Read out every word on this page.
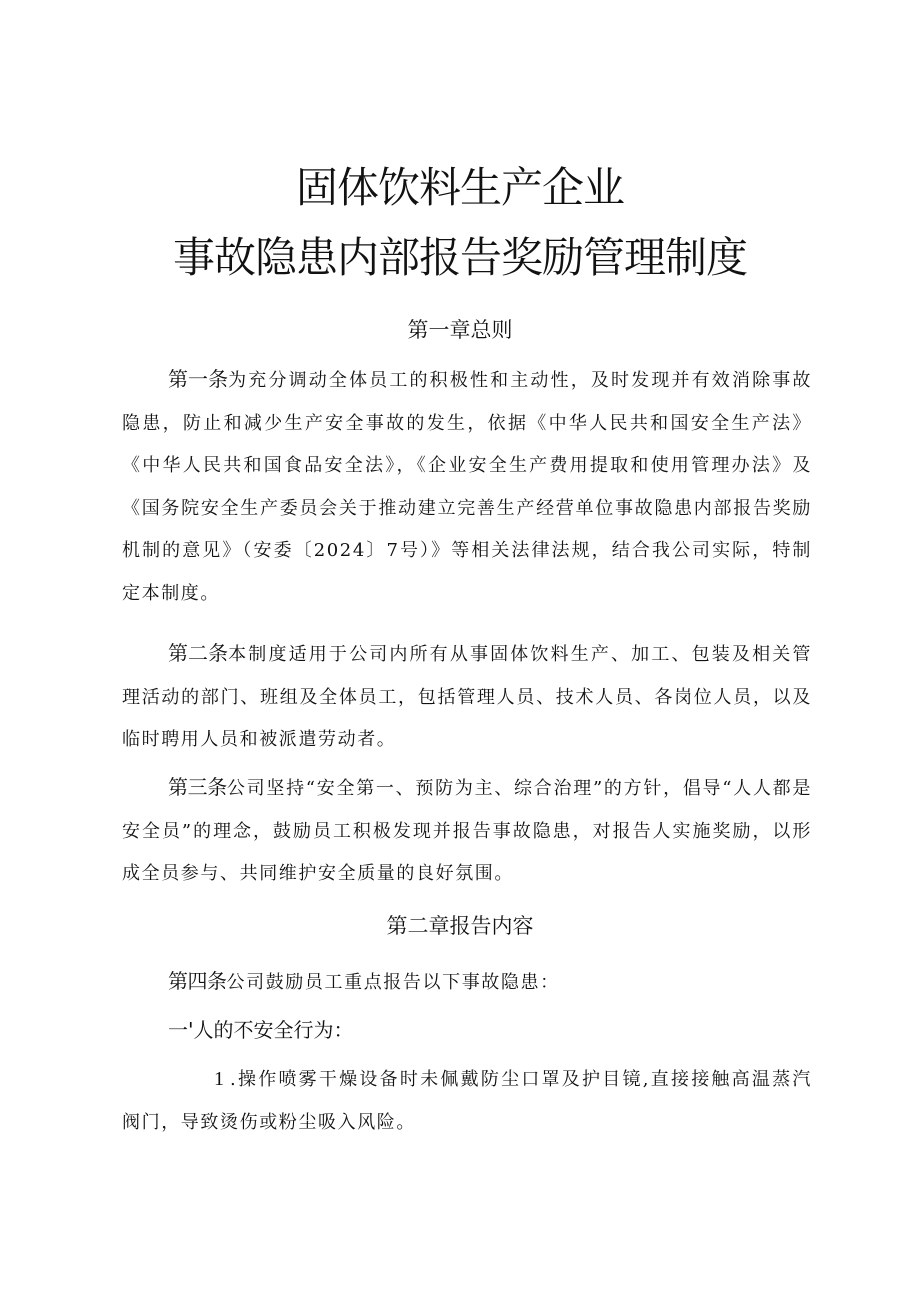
固体饮料生产企业
事故隐患内部报告奖励管理制度
第一章总则
第一条为充分调动全体员工的积极性和主动性，及时发现并有效消除事故隐患，防止和减少生产安全事故的发生，依据《中华人民共和国安全生产法》《中华人民共和国食品安全法》，《企业安全生产费用提取和使用管理办法》及《国务院安全生产委员会关于推动建立完善生产经营单位事故隐患内部报告奖励机制的意见》（安委〔2024〕7号）》等相关法律法规，结合我公司实际，特制定本制度。
第二条本制度适用于公司内所有从事固体饮料生产、加工、包装及相关管理活动的部门、班组及全体员工，包括管理人员、技术人员、各岗位人员，以及临时聘用人员和被派遣劳动者。
第三条公司坚持“安全第一、预防为主、综合治理”的方针，倡导“人人都是安全员”的理念，鼓励员工积极发现并报告事故隐患，对报告人实施奖励，以形成全员参与、共同维护安全质量的良好氛围。
第二章报告内容
第四条公司鼓励员工重点报告以下事故隐患：
一'人的不安全行为：
1 .操作喷雾干燥设备时未佩戴防尘口罩及护目镜,直接接触高温蒸汽阀门，导致烫伤或粉尘吸入风险。
